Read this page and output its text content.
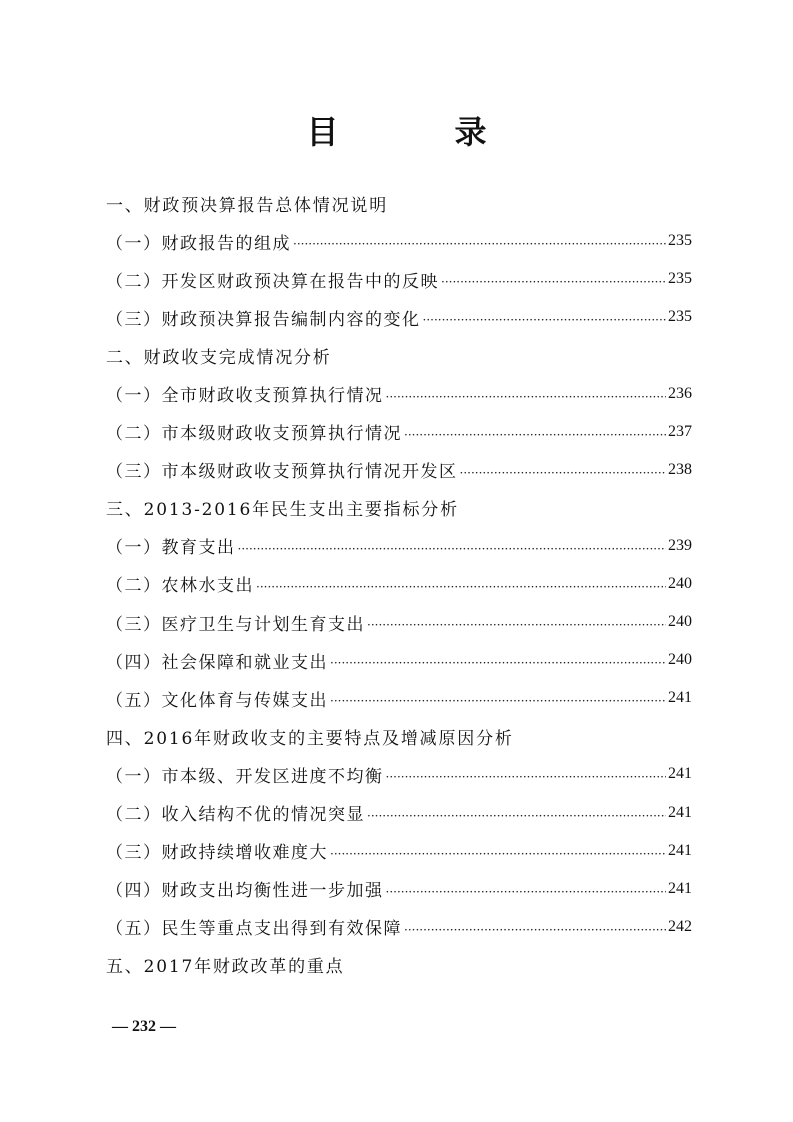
目　录
一、财政预决算报告总体情况说明
（一）财政报告的组成 ·····	235
（二）开发区财政预决算在报告中的反映 ·····	235
（三）财政预决算报告编制内容的变化 ·····	235
二、财政收支完成情况分析
（一）全市财政收支预算执行情况 ·····	236
（二）市本级财政收支预算执行情况 ·····	237
（三）市本级财政收支预算执行情况开发区 ·····	238
三、2013-2016年民生支出主要指标分析
（一）教育支出 ·····	239
（二）农林水支出 ·····	240
（三）医疗卫生与计划生育支出 ·····	240
（四）社会保障和就业支出 ·····	240
（五）文化体育与传媒支出 ·····	241
四、2016年财政收支的主要特点及增减原因分析
（一）市本级、开发区进度不均衡 ·····	241
（二）收入结构不优的情况突显 ·····	241
（三）财政持续增收难度大 ·····	241
（四）财政支出均衡性进一步加强 ·····	241
（五）民生等重点支出得到有效保障 ·····	242
五、2017年财政改革的重点
— 232 —
